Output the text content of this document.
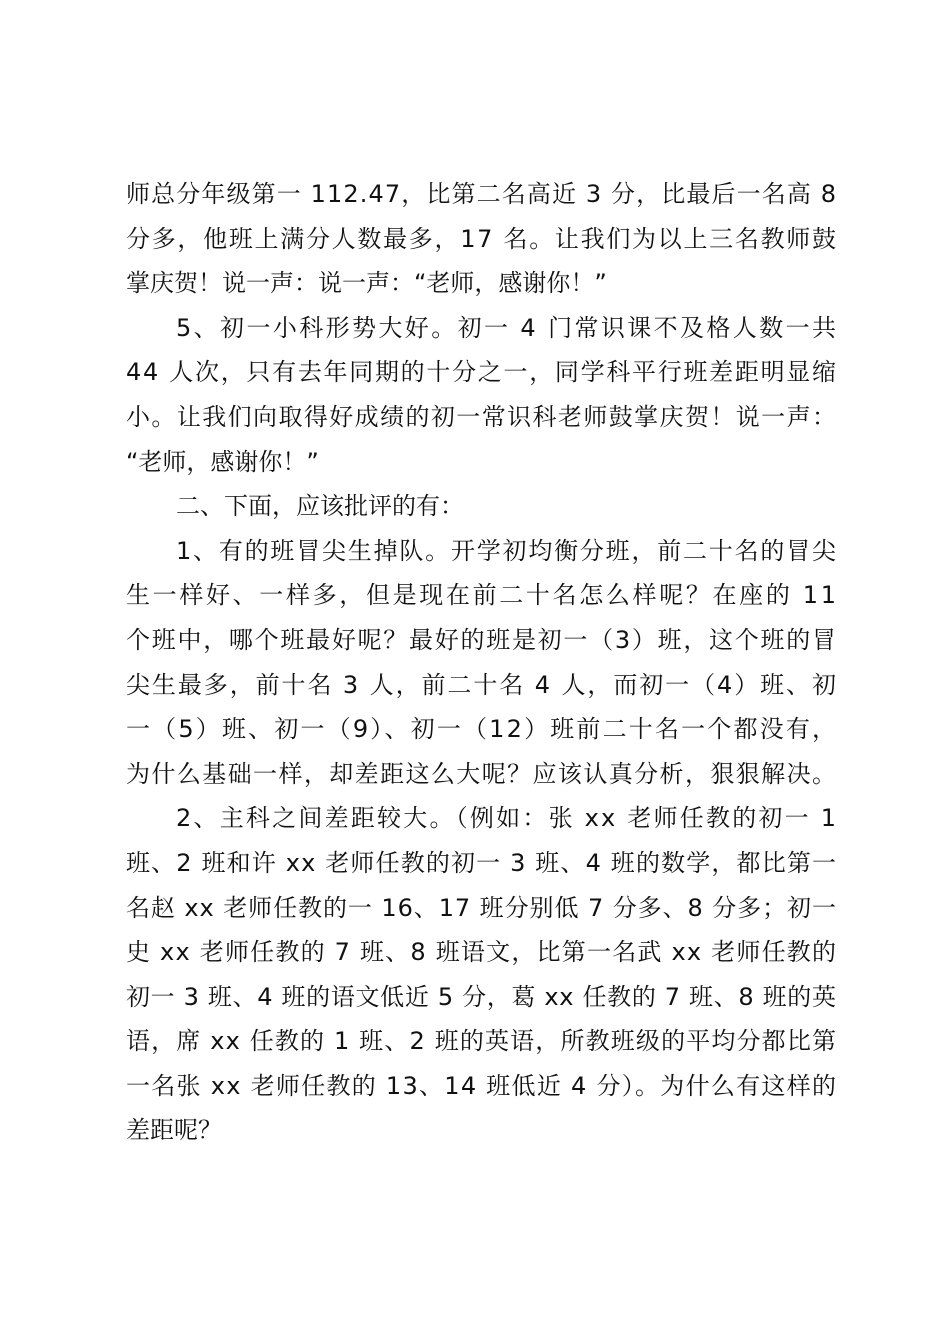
师总分年级第一 112.47，比第二名高近 3 分，比最后一名高 8
分多，他班上满分人数最多，17 名。让我们为以上三名教师鼓
掌庆贺！说一声：说一声：“老师，感谢你！”
5、初一小科形势大好。初一 4 门常识课不及格人数一共
44 人次，只有去年同期的十分之一，同学科平行班差距明显缩
小。让我们向取得好成绩的初一常识科老师鼓掌庆贺！说一声：
“老师，感谢你！”
二、下面，应该批评的有：
1、有的班冒尖生掉队。开学初均衡分班，前二十名的冒尖
生一样好、一样多，但是现在前二十名怎么样呢？在座的 11
个班中，哪个班最好呢？最好的班是初一（3）班，这个班的冒
尖生最多，前十名 3 人，前二十名 4 人，而初一（4）班、初
一（5）班、初一（9）、初一（12）班前二十名一个都没有，
为什么基础一样，却差距这么大呢？应该认真分析，狠狠解决。
2、主科之间差距较大。（例如：张 xx 老师任教的初一 1
班、2 班和许 xx 老师任教的初一 3 班、4 班的数学，都比第一
名赵 xx 老师任教的一 16、17 班分别低 7 分多、8 分多；初一
史 xx 老师任教的 7 班、8 班语文，比第一名武 xx 老师任教的
初一 3 班、4 班的语文低近 5 分，葛 xx 任教的 7 班、8 班的英
语，席 xx 任教的 1 班、2 班的英语，所教班级的平均分都比第
一名张 xx 老师任教的 13、14 班低近 4 分）。为什么有这样的
差距呢？
